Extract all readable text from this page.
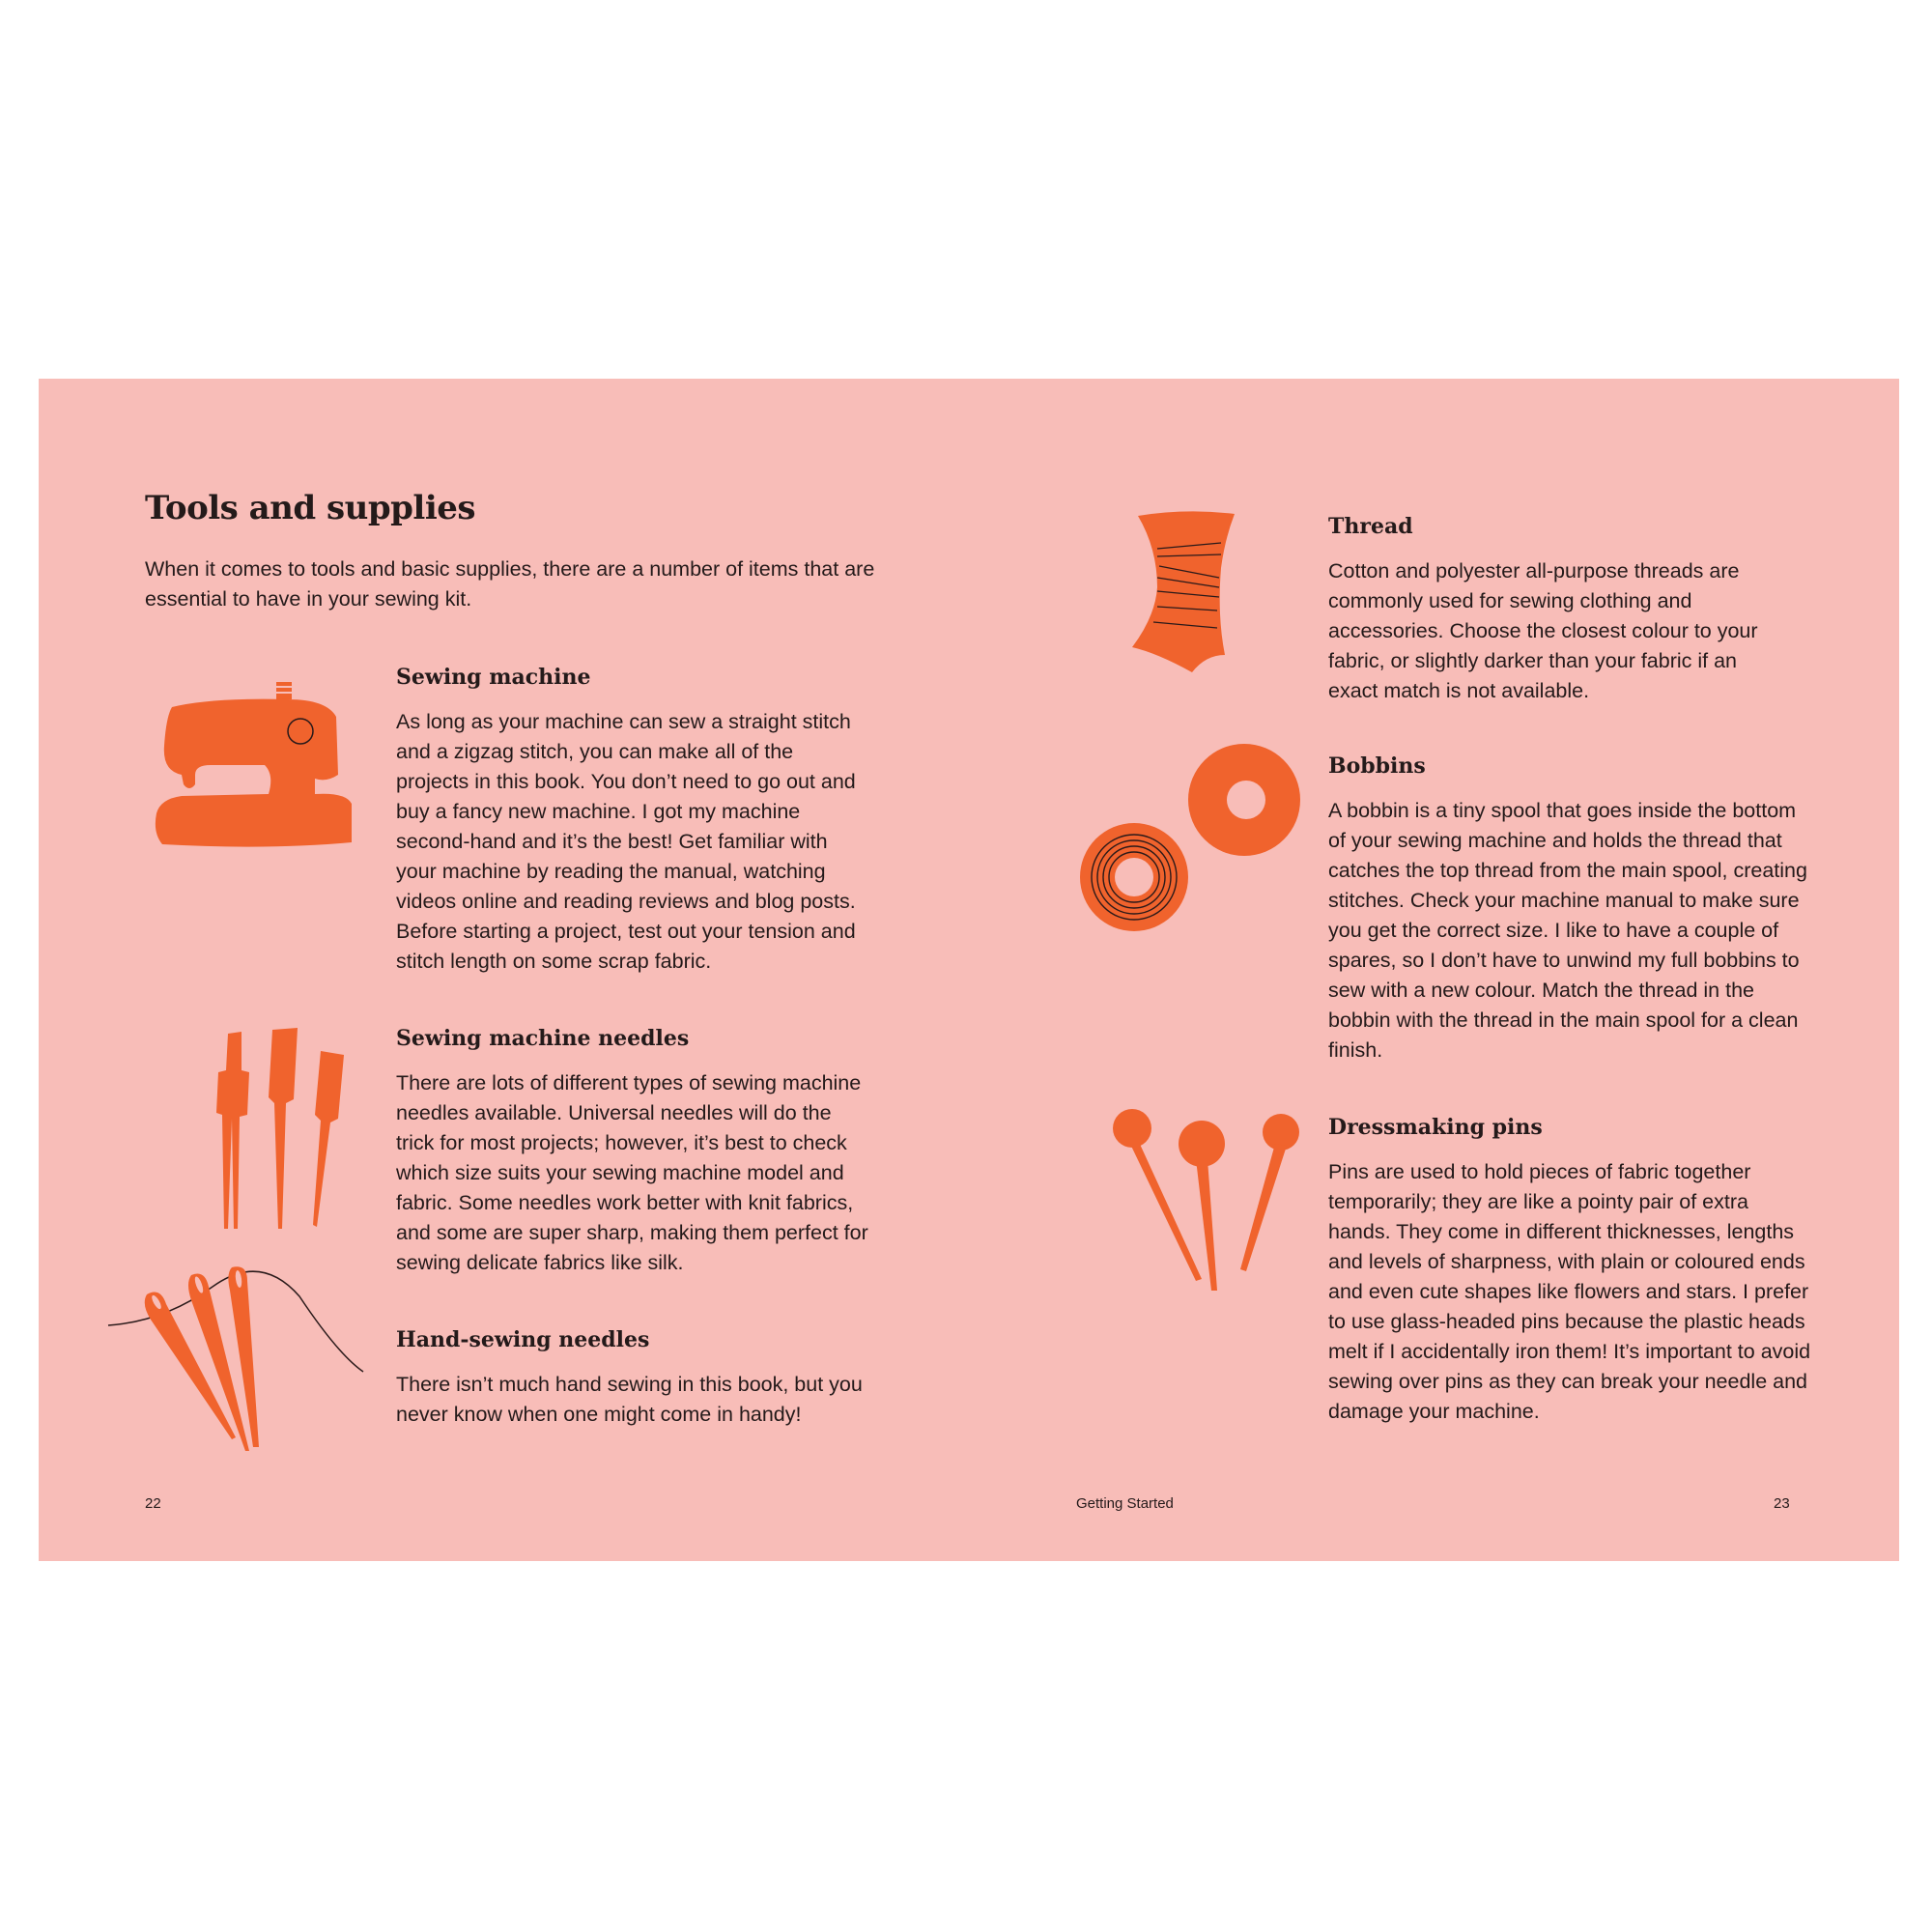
Tools and supplies

When it comes to tools and basic supplies, there are a number of items that are essential to have in your sewing kit.

Sewing machine

As long as your machine can sew a straight stitch and a zigzag stitch, you can make all of the projects in this book. You don’t need to go out and buy a fancy new machine. I got my machine second-hand and it’s the best! Get familiar with your machine by reading the manual, watching videos online and reading reviews and blog posts. Before starting a project, test out your tension and stitch length on some scrap fabric.

Sewing machine needles

There are lots of different types of sewing machine needles available. Universal needles will do the trick for most projects; however, it’s best to check which size suits your sewing machine model and fabric. Some needles work better with knit fabrics, and some are super sharp, making them perfect for sewing delicate fabrics like silk.

Hand-sewing needles

There isn’t much hand sewing in this book, but you never know when one might come in handy!

Thread

Cotton and polyester all-purpose threads are commonly used for sewing clothing and accessories. Choose the closest colour to your fabric, or slightly darker than your fabric if an exact match is not available.

Bobbins

A bobbin is a tiny spool that goes inside the bottom of your sewing machine and holds the thread that catches the top thread from the main spool, creating stitches. Check your machine manual to make sure you get the correct size. I like to have a couple of spares, so I don’t have to unwind my full bobbins to sew with a new colour. Match the thread in the bobbin with the thread in the main spool for a clean finish.

Dressmaking pins

Pins are used to hold pieces of fabric together temporarily; they are like a pointy pair of extra hands. They come in different thicknesses, lengths and levels of sharpness, with plain or coloured ends and even cute shapes like flowers and stars. I prefer to use glass-headed pins because the plastic heads melt if I accidentally iron them! It’s important to avoid sewing over pins as they can break your needle and damage your machine.

22	Getting Started	23
